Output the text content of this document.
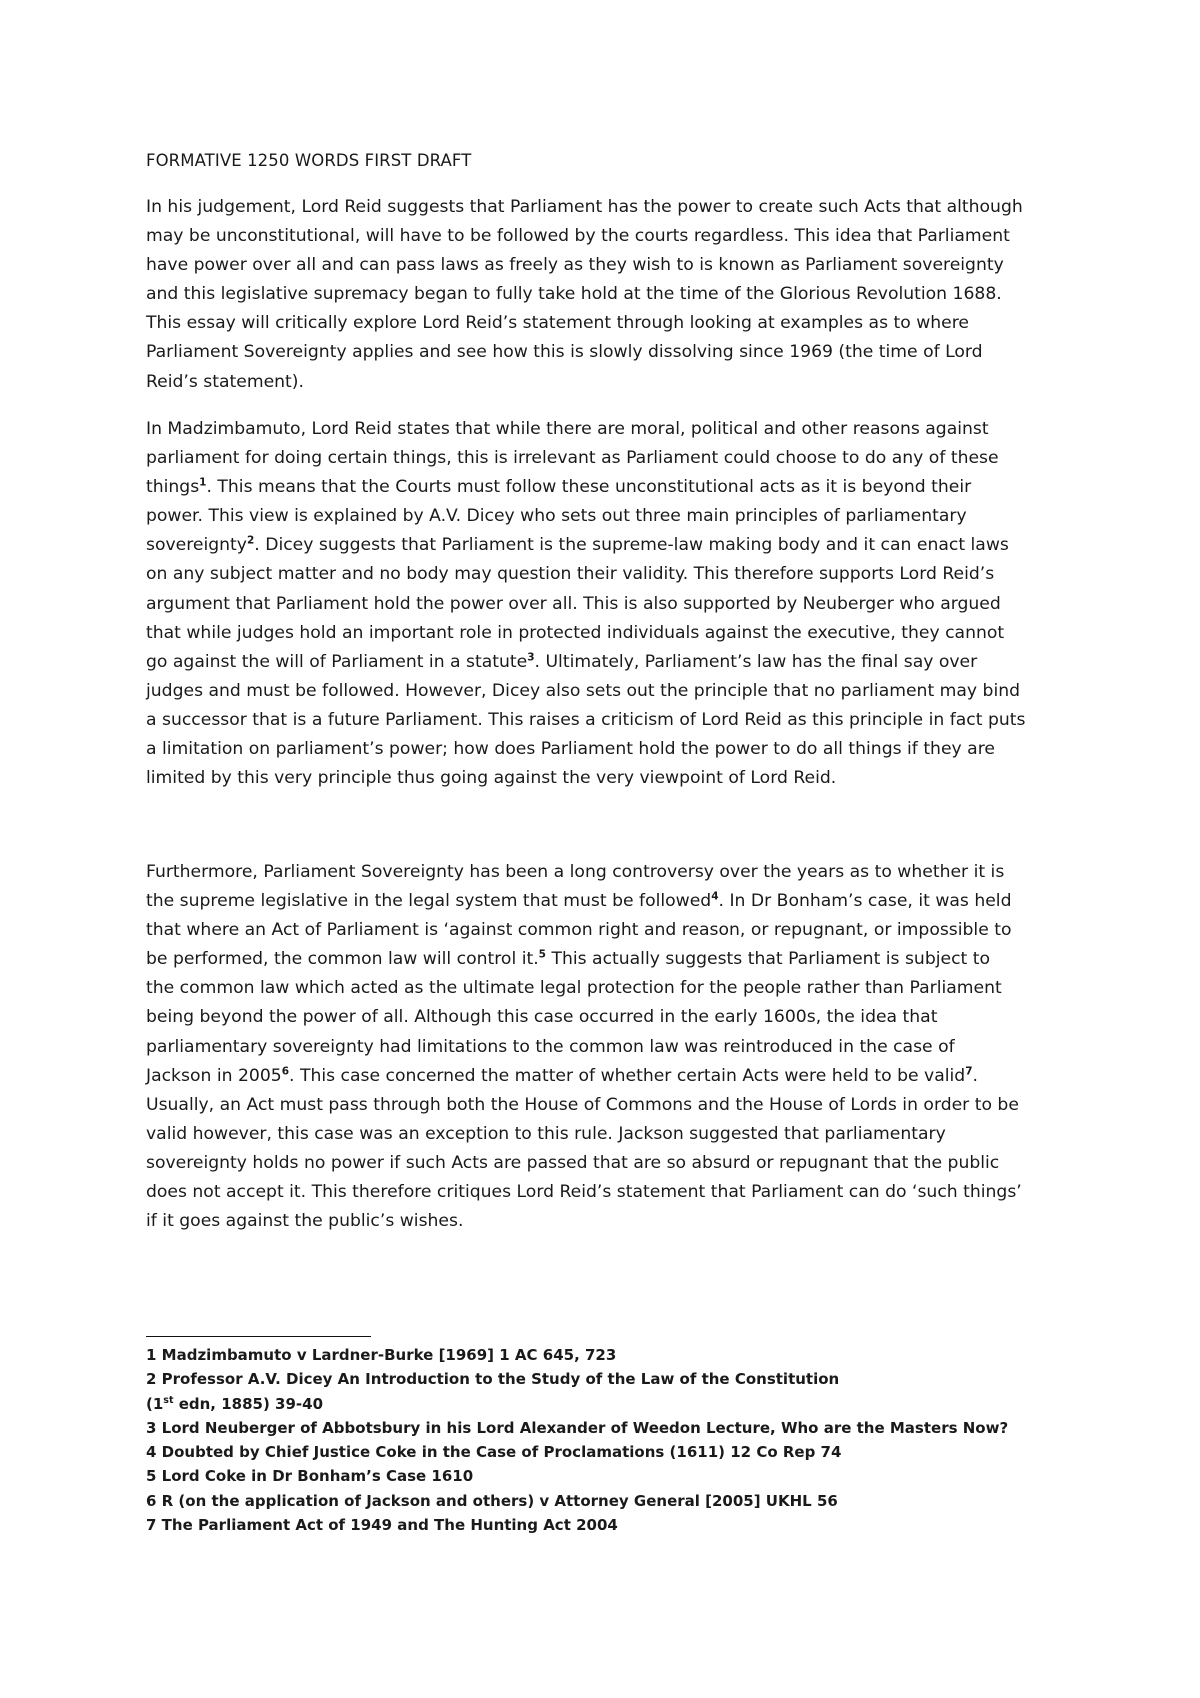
FORMATIVE 1250 WORDS FIRST DRAFT
In his judgement, Lord Reid suggests that Parliament has the power to create such Acts that although
may be unconstitutional, will have to be followed by the courts regardless. This idea that Parliament
have power over all and can pass laws as freely as they wish to is known as Parliament sovereignty
and this legislative supremacy began to fully take hold at the time of the Glorious Revolution 1688.
This essay will critically explore Lord Reid’s statement through looking at examples as to where
Parliament Sovereignty applies and see how this is slowly dissolving since 1969 (the time of Lord
Reid’s statement).
In Madzimbamuto, Lord Reid states that while there are moral, political and other reasons against
parliament for doing certain things, this is irrelevant as Parliament could choose to do any of these
things$^1$. This means that the Courts must follow these unconstitutional acts as it is beyond their
power. This view is explained by A.V. Dicey who sets out three main principles of parliamentary
sovereignty$^2$. Dicey suggests that Parliament is the supreme-law making body and it can enact laws
on any subject matter and no body may question their validity. This therefore supports Lord Reid’s
argument that Parliament hold the power over all. This is also supported by Neuberger who argued
that while judges hold an important role in protected individuals against the executive, they cannot
go against the will of Parliament in a statute$^3$. Ultimately, Parliament’s law has the final say over
judges and must be followed. However, Dicey also sets out the principle that no parliament may bind
a successor that is a future Parliament. This raises a criticism of Lord Reid as this principle in fact puts
a limitation on parliament’s power; how does Parliament hold the power to do all things if they are
limited by this very principle thus going against the very viewpoint of Lord Reid.
Furthermore, Parliament Sovereignty has been a long controversy over the years as to whether it is
the supreme legislative in the legal system that must be followed$^4$. In Dr Bonham’s case, it was held
that where an Act of Parliament is ‘against common right and reason, or repugnant, or impossible to
be performed, the common law will control it.$^5$ This actually suggests that Parliament is subject to
the common law which acted as the ultimate legal protection for the people rather than Parliament
being beyond the power of all. Although this case occurred in the early 1600s, the idea that
parliamentary sovereignty had limitations to the common law was reintroduced in the case of
Jackson in 2005$^6$. This case concerned the matter of whether certain Acts were held to be valid$^7$.
Usually, an Act must pass through both the House of Commons and the House of Lords in order to be
valid however, this case was an exception to this rule. Jackson suggested that parliamentary
sovereignty holds no power if such Acts are passed that are so absurd or repugnant that the public
does not accept it. This therefore critiques Lord Reid’s statement that Parliament can do ‘such things’
if it goes against the public’s wishes.
1 Madzimbamuto v Lardner-Burke [1969] 1 AC 645, 723
2 Professor A.V. Dicey An Introduction to the Study of the Law of the Constitution
(1st edn, 1885) 39-40
3 Lord Neuberger of Abbotsbury in his Lord Alexander of Weedon Lecture, Who are the Masters Now?
4 Doubted by Chief Justice Coke in the Case of Proclamations (1611) 12 Co Rep 74
5 Lord Coke in Dr Bonham’s Case 1610
6 R (on the application of Jackson and others) v Attorney General [2005] UKHL 56
7 The Parliament Act of 1949 and The Hunting Act 2004
